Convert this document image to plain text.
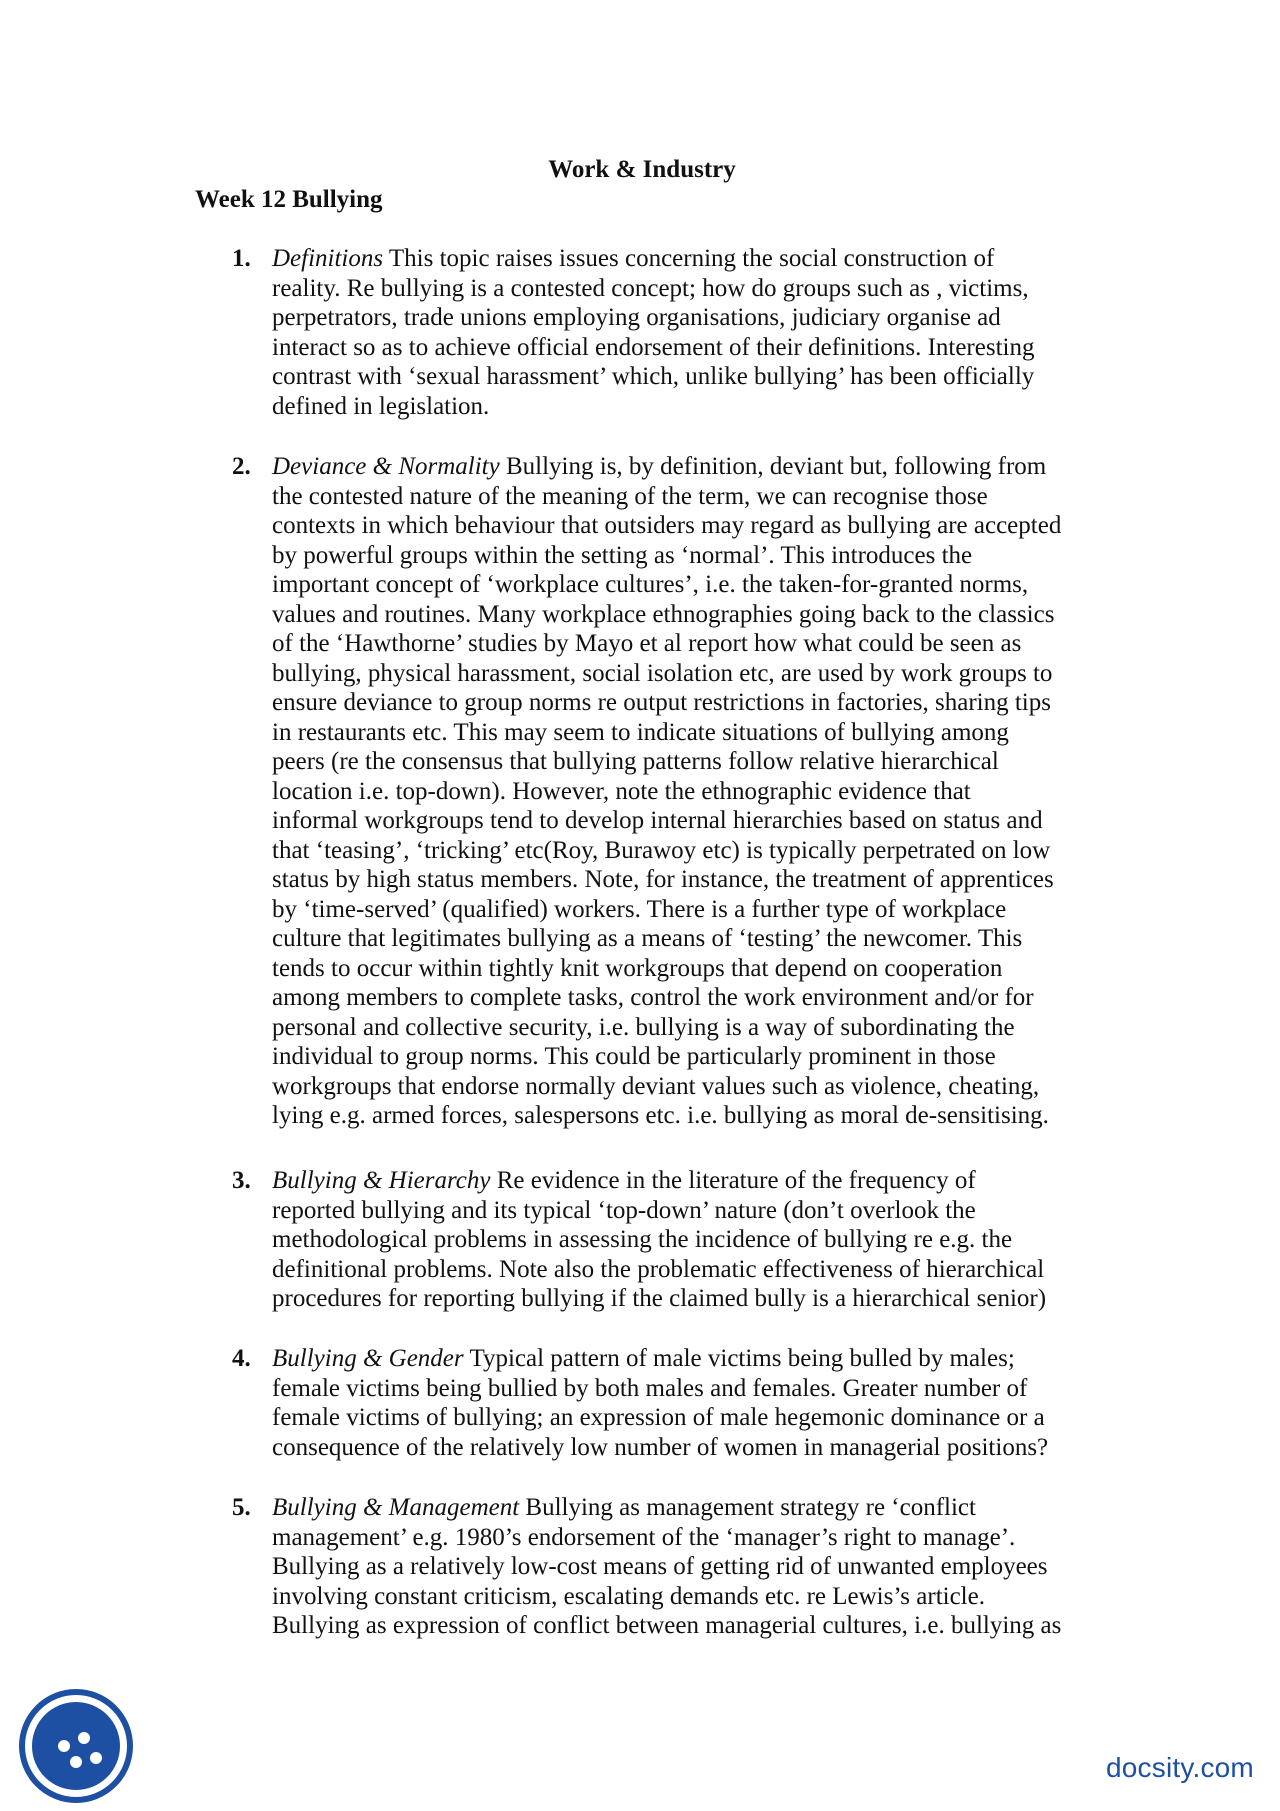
Work & Industry
Week 12 Bullying
1. Definitions This topic raises issues concerning the social construction of
reality. Re bullying is a contested concept; how do groups such as , victims,
perpetrators, trade unions employing organisations, judiciary organise ad
interact so as to achieve official endorsement of their definitions. Interesting
contrast with ‘sexual harassment’ which, unlike bullying’ has been officially
defined in legislation.
2. Deviance & Normality Bullying is, by definition, deviant but, following from
the contested nature of the meaning of the term, we can recognise those
contexts in which behaviour that outsiders may regard as bullying are accepted
by powerful groups within the setting as ‘normal’. This introduces the
important concept of ‘workplace cultures’, i.e. the taken-for-granted norms,
values and routines. Many workplace ethnographies going back to the classics
of the ‘Hawthorne’ studies by Mayo et al report how what could be seen as
bullying, physical harassment, social isolation etc, are used by work groups to
ensure deviance to group norms re output restrictions in factories, sharing tips
in restaurants etc. This may seem to indicate situations of bullying among
peers (re the consensus that bullying patterns follow relative hierarchical
location i.e. top-down). However, note the ethnographic evidence that
informal workgroups tend to develop internal hierarchies based on status and
that ‘teasing’, ‘tricking’ etc(Roy, Burawoy etc) is typically perpetrated on low
status by high status members. Note, for instance, the treatment of apprentices
by ‘time-served’ (qualified) workers. There is a further type of workplace
culture that legitimates bullying as a means of ‘testing’ the newcomer. This
tends to occur within tightly knit workgroups that depend on cooperation
among members to complete tasks, control the work environment and/or for
personal and collective security, i.e. bullying is a way of subordinating the
individual to group norms. This could be particularly prominent in those
workgroups that endorse normally deviant values such as violence, cheating,
lying e.g. armed forces, salespersons etc. i.e. bullying as moral de-sensitising.
3. Bullying & Hierarchy Re evidence in the literature of the frequency of
reported bullying and its typical ‘top-down’ nature (don’t overlook the
methodological problems in assessing the incidence of bullying re e.g. the
definitional problems. Note also the problematic effectiveness of hierarchical
procedures for reporting bullying if the claimed bully is a hierarchical senior)
4. Bullying & Gender Typical pattern of male victims being bulled by males;
female victims being bullied by both males and females. Greater number of
female victims of bullying; an expression of male hegemonic dominance or a
consequence of the relatively low number of women in managerial positions?
5. Bullying & Management Bullying as management strategy re ‘conflict
management’ e.g. 1980’s endorsement of the ‘manager’s right to manage’.
Bullying as a relatively low-cost means of getting rid of unwanted employees
involving constant criticism, escalating demands etc. re Lewis’s article.
Bullying as expression of conflict between managerial cultures, i.e. bullying as
docsity.com
